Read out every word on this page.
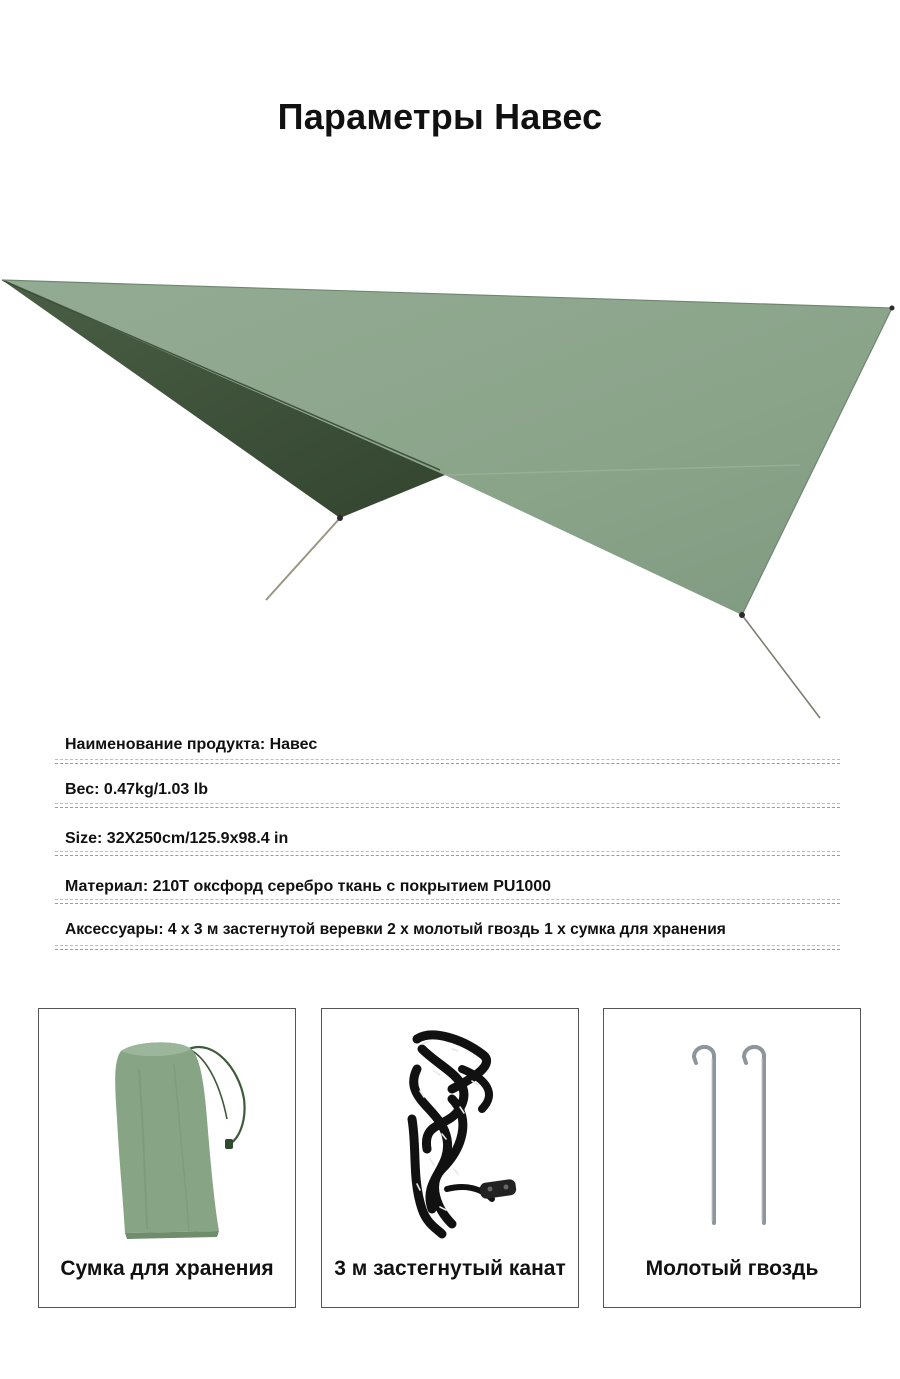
Параметры Навес
Наименование продукта: Навес
Вес: 0.47kg/1.03 lb
Size: 32X250cm/125.9x98.4 in
Материал: 210T оксфорд серебро ткань с покрытием PU1000
Аксессуары: 4 х 3 м застегнутой веревки 2 х молотый гвоздь 1 х сумка для хранения
Сумка для хранения	3 м застегнутый канат	Молотый гвоздь
